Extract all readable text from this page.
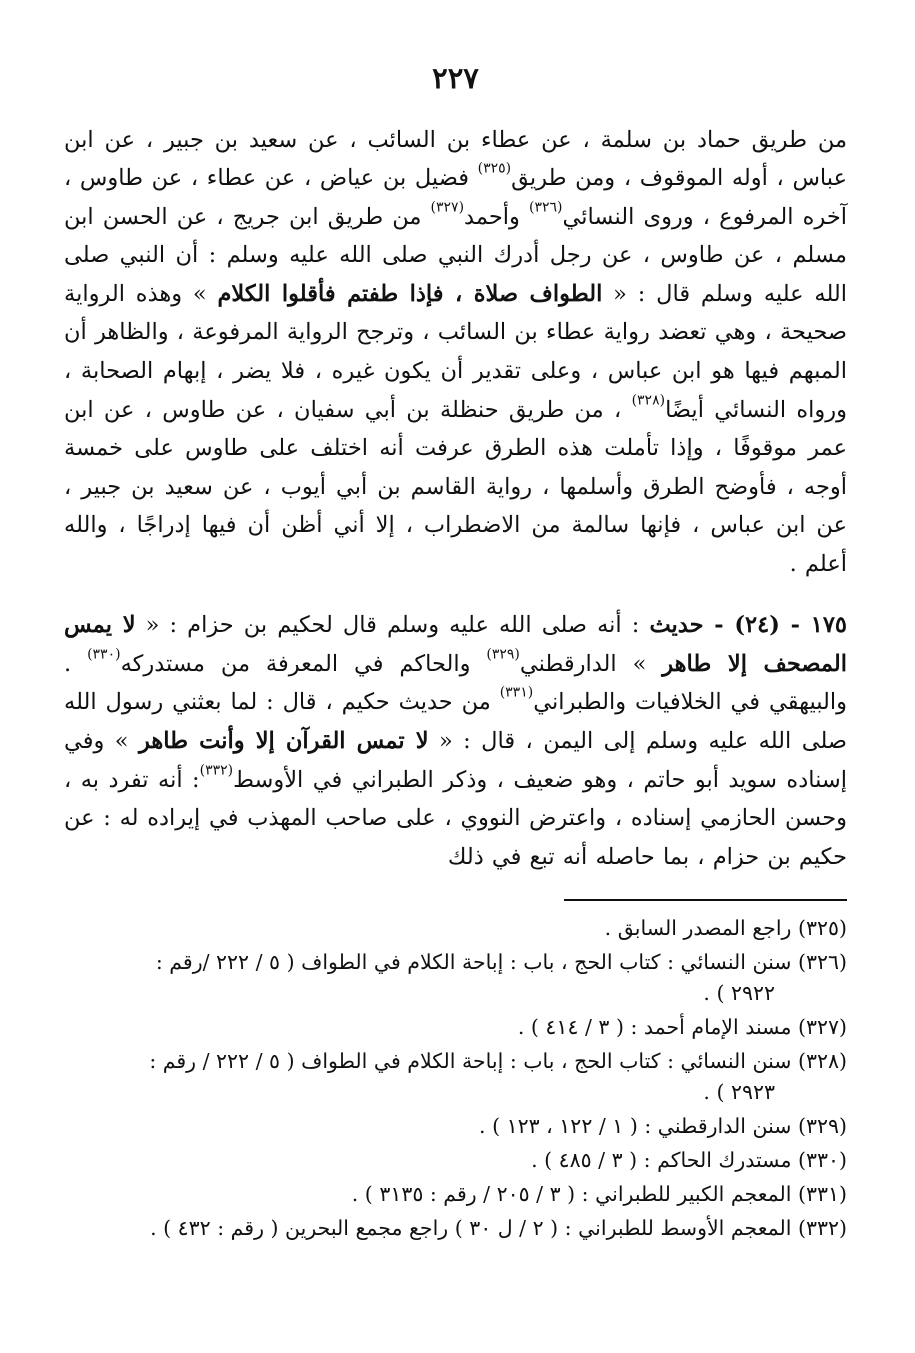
٢٢٧

من طريق حماد بن سلمة ، عن عطاء بن السائب ، عن سعيد بن جبير ، عن ابن عباس ، أوله الموقوف ، ومن طريق$^{(٣٢٥)}$ فضيل بن عياض ، عن عطاء ، عن طاوس ، آخره المرفوع ، وروى النسائي$^{(٣٢٦)}$ وأحمد$^{(٣٢٧)}$ من طريق ابن جريج ، عن الحسن ابن مسلم ، عن طاوس ، عن رجل أدرك النبي صلى الله عليه وسلم : أن النبي صلى الله عليه وسلم قال : « الطواف صلاة ، فإذا طفتم فأقلوا الكلام » وهذه الرواية صحيحة ، وهي تعضد رواية عطاء بن السائب ، وترجح الرواية المرفوعة ، والظاهر أن المبهم فيها هو ابن عباس ، وعلى تقدير أن يكون غيره ، فلا يضر ، إبهام الصحابة ، ورواه النسائي أيضًا$^{(٣٢٨)}$ ، من طريق حنظلة بن أبي سفيان ، عن طاوس ، عن ابن عمر موقوفًا ، وإذا تأملت هذه الطرق عرفت أنه اختلف على طاوس على خمسة أوجه ، فأوضح الطرق وأسلمها ، رواية القاسم بن أبي أيوب ، عن سعيد بن جبير ، عن ابن عباس ، فإنها سالمة من الاضطراب ، إلا أني أظن أن فيها إدراجًا ، والله أعلم .

١٧٥ - (٢٤) - حديث : أنه صلى الله عليه وسلم قال لحكيم بن حزام : « لا يمس المصحف إلا طاهر » الدارقطني$^{(٣٢٩)}$ والحاكم في المعرفة من مستدركه$^{(٣٣٠)}$ . والبيهقي في الخلافيات والطبراني$^{(٣٣١)}$ من حديث حكيم ، قال : لما بعثني رسول الله صلى الله عليه وسلم إلى اليمن ، قال : « لا تمس القرآن إلا وأنت طاهر » وفي إسناده سويد أبو حاتم ، وهو ضعيف ، وذكر الطبراني في الأوسط$^{(٣٣٢)}$: أنه تفرد به ، وحسن الحازمي إسناده ، واعترض النووي ، على صاحب المهذب في إيراده له : عن حكيم بن حزام ، بما حاصله أنه تبع في ذلك

(٣٢٥) راجع المصدر السابق .

(٣٢٦) سنن النسائي : كتاب الحج ، باب : إباحة الكلام في الطواف ( ٥ / ٢٢٢ /رقم :
٢٩٢٢ ) .

(٣٢٧) مسند الإمام أحمد : ( ٣ / ٤١٤ ) .

(٣٢٨) سنن النسائي : كتاب الحج ، باب : إباحة الكلام في الطواف ( ٥ / ٢٢٢ / رقم :
٢٩٢٣ ) .

(٣٢٩) سنن الدارقطني : ( ١ / ١٢٢ ، ١٢٣ ) .

(٣٣٠) مستدرك الحاكم : ( ٣ / ٤٨٥ ) .

(٣٣١) المعجم الكبير للطبراني : ( ٣ / ٢٠٥ / رقم : ٣١٣٥ ) .

(٣٣٢) المعجم الأوسط للطبراني : ( ٢ / ل ٣٠ ) راجع مجمع البحرين ( رقم : ٤٣٢ ) .
